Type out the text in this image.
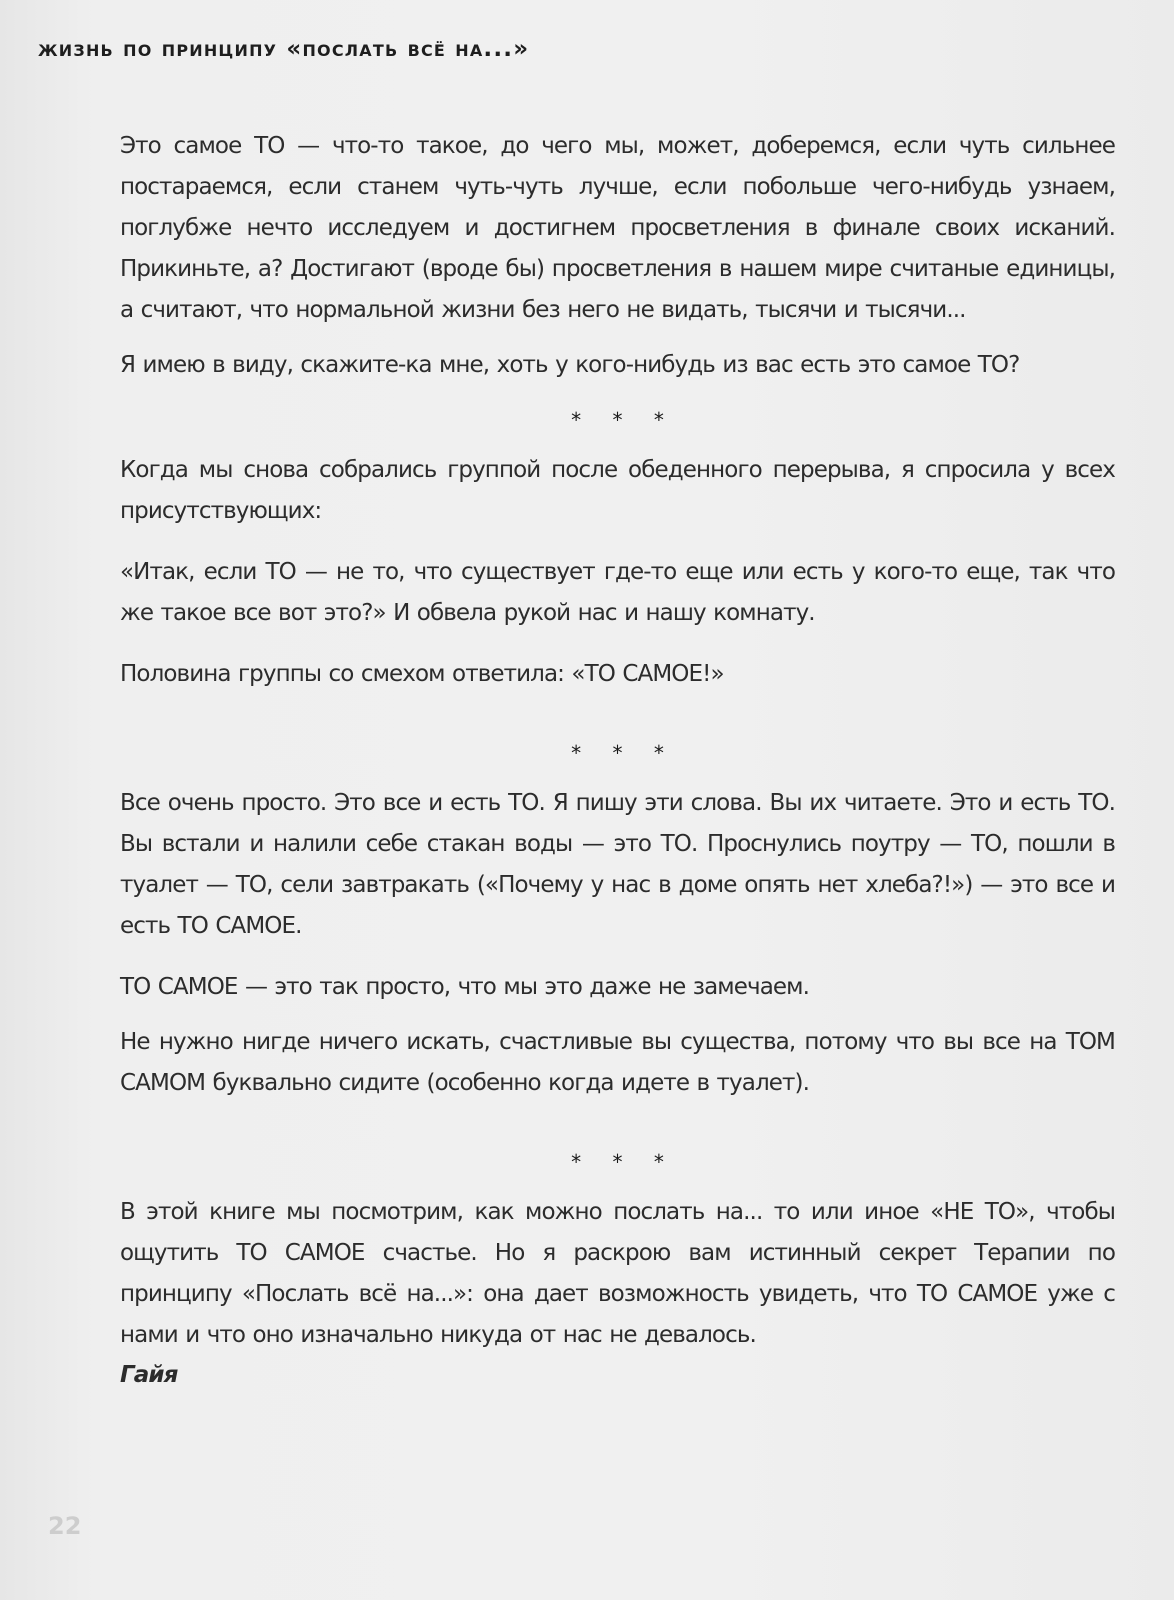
жизнь по принципу «послать всё на...»

Это самое ТО — что-то такое, до чего мы, может, доберемся, если чуть сильнее постараемся, если станем чуть-чуть лучше, если побольше чего-нибудь узнаем, поглубже нечто исследуем и достигнем просветления в финале своих исканий. Прикиньте, а? Достигают (вроде бы) просветления в нашем мире считаные единицы, а считают, что нормальной жизни без него не видать, тысячи и тысячи...

Я имею в виду, скажите-ка мне, хоть у кого-нибудь из вас есть это самое ТО?

* * *

Когда мы снова собрались группой после обеденного перерыва, я спросила у всех присутствующих:

«Итак, если ТО — не то, что существует где-то еще или есть у кого-то еще, так что же такое все вот это?» И обвела рукой нас и нашу комнату.

Половина группы со смехом ответила: «ТО САМОЕ!»

* * *

Все очень просто. Это все и есть ТО. Я пишу эти слова. Вы их читаете. Это и есть ТО. Вы встали и налили себе стакан воды — это ТО. Проснулись поутру — ТО, пошли в туалет — ТО, сели завтракать («Почему у нас в доме опять нет хлеба?!») — это все и есть ТО САМОЕ.

ТО САМОЕ — это так просто, что мы это даже не замечаем.

Не нужно нигде ничего искать, счастливые вы существа, потому что вы все на ТОМ САМОМ буквально сидите (особенно когда идете в туалет).

* * *

В этой книге мы посмотрим, как можно послать на... то или иное «НЕ ТО», чтобы ощутить ТО САМОЕ счастье. Но я раскрою вам истинный секрет Терапии по принципу «Послать всё на...»: она дает возможность увидеть, что ТО САМОЕ уже с нами и что оно изначально никуда от нас не девалось.

Гайя

22
